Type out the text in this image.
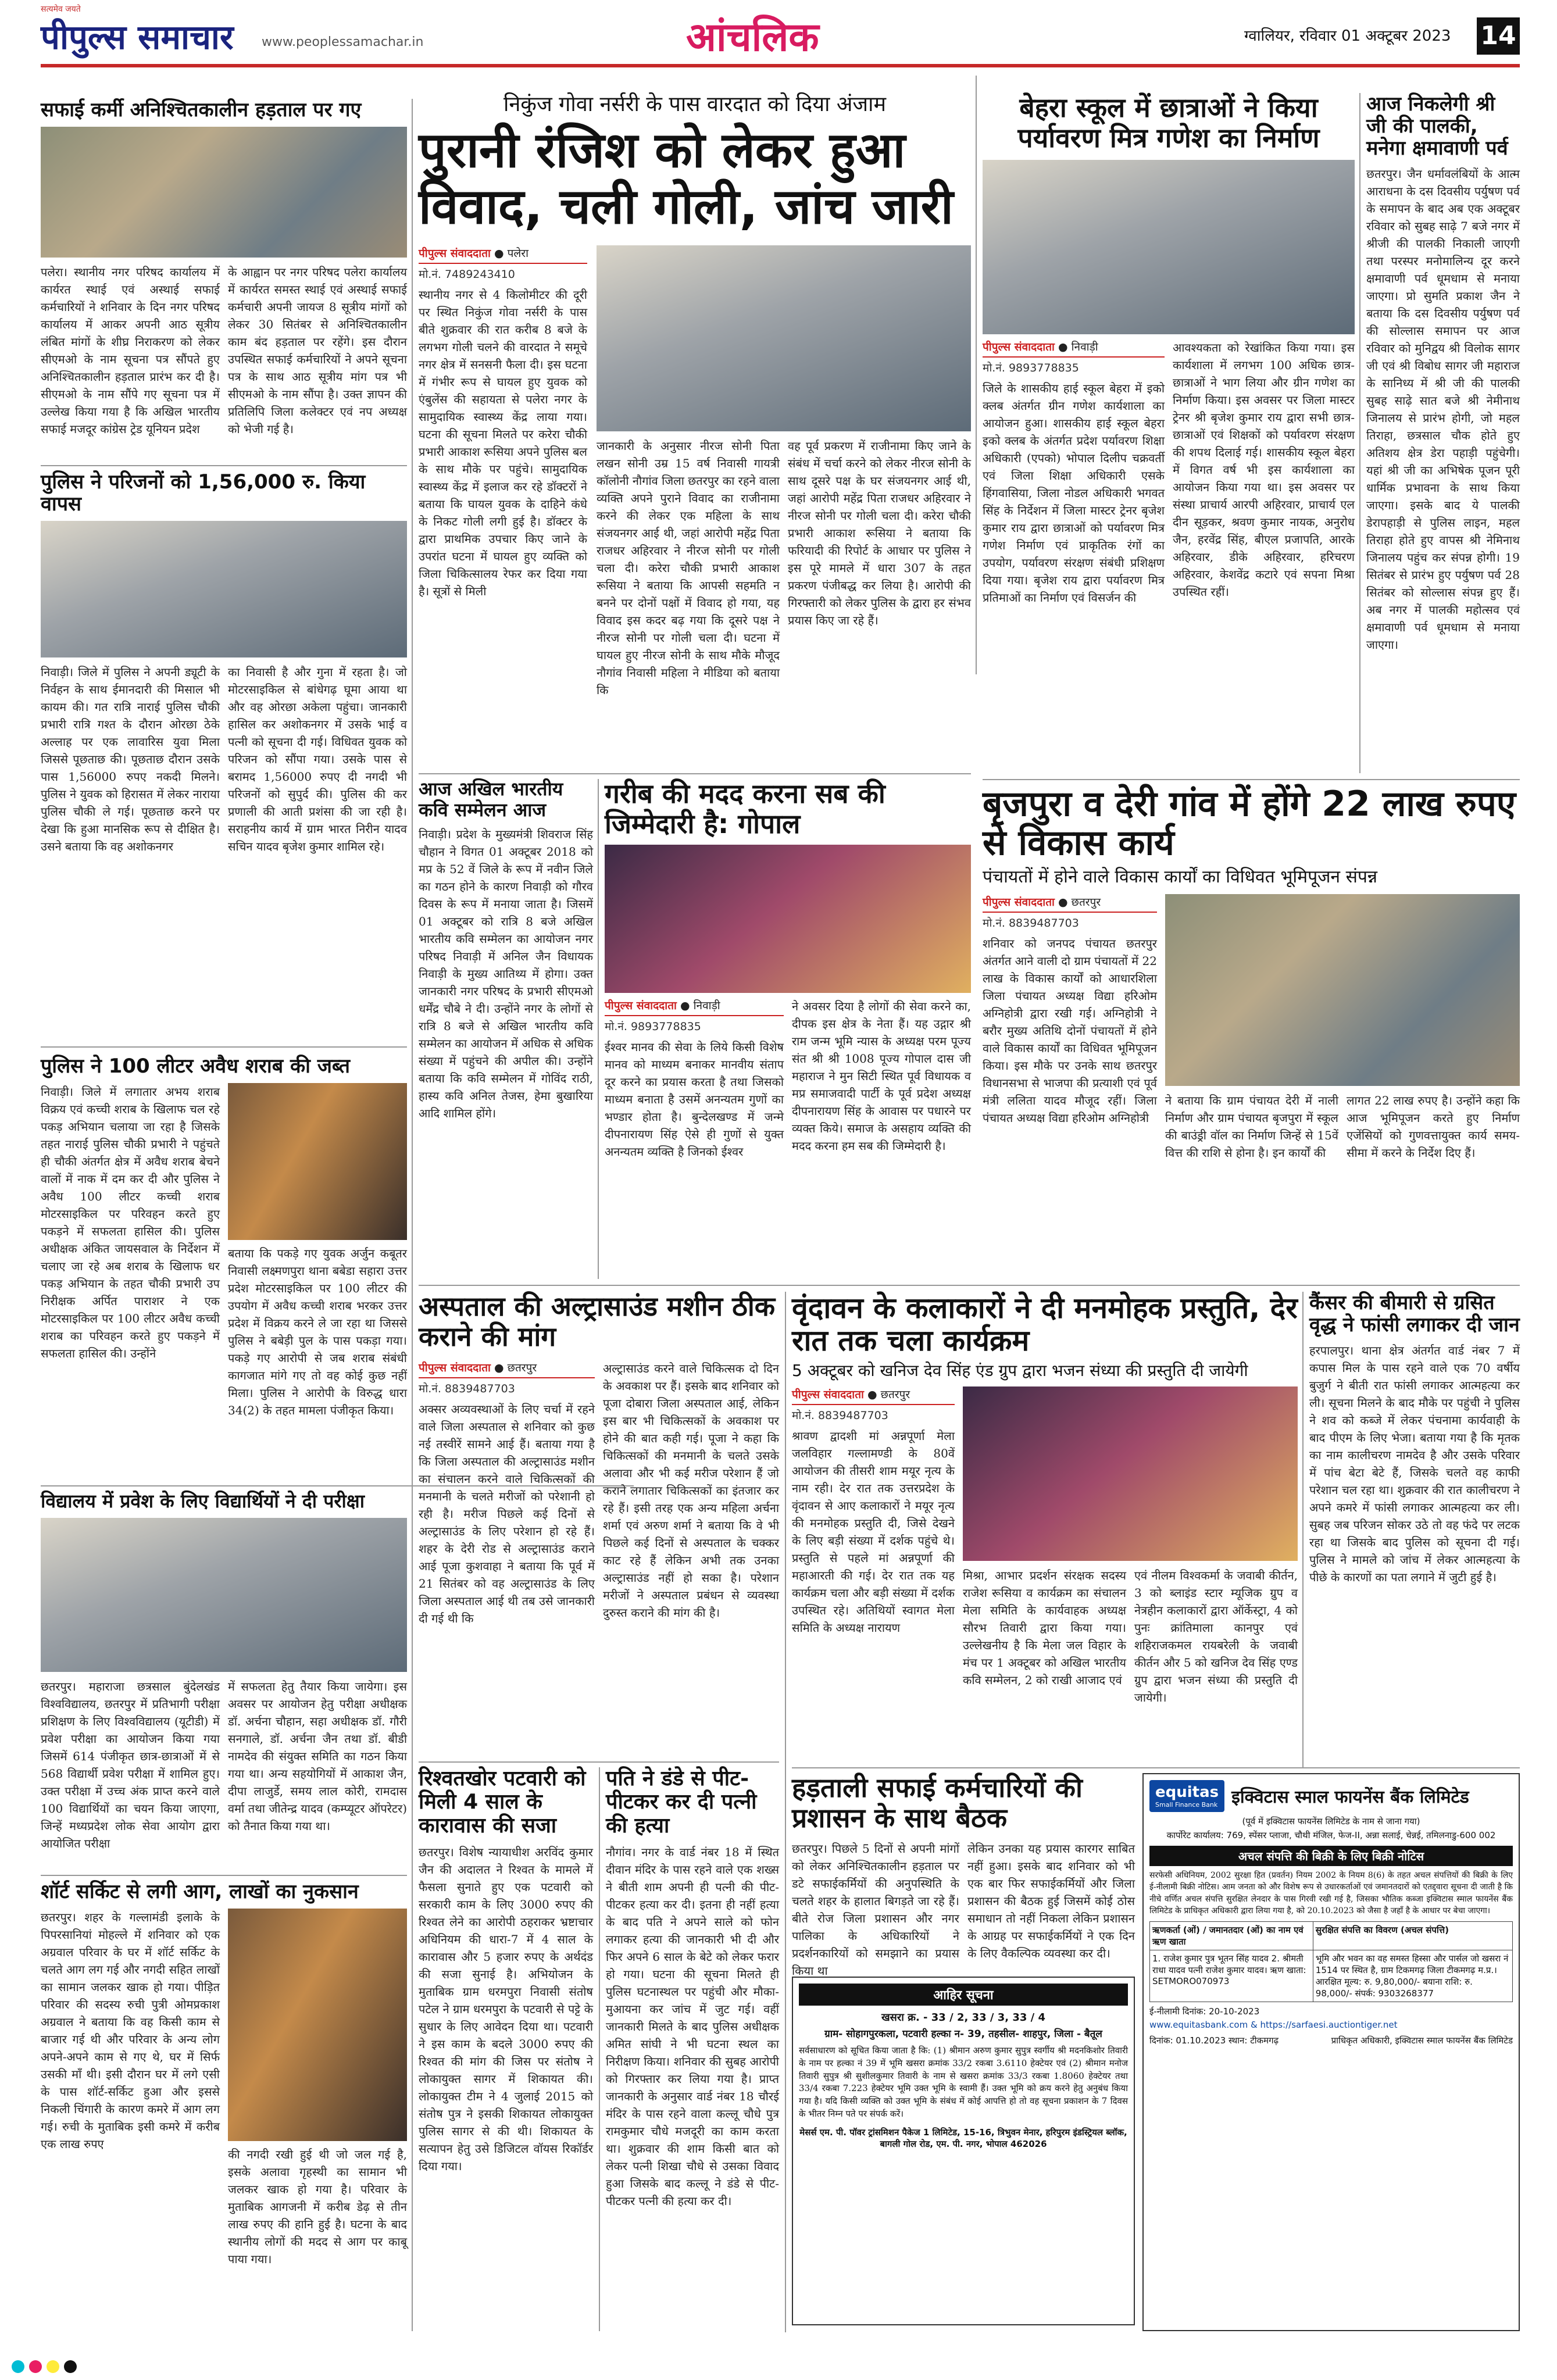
सत्यमेव जयते
पीपुल्स समाचार www.peoplessamachar.in	आंचलिक	ग्वालियर, रविवार 01 अक्टूबर 2023 14
सफाई कर्मी अनिश्चितकालीन हड़ताल पर गए
पलेरा। स्थानीय नगर परिषद कार्यालय में कार्यरत स्थाई एवं अस्थाई सफाई कर्मचारियों ने शनिवार के दिन नगर परिषद कार्यालय में आकर अपनी आठ सूत्रीय लंबित मांगों के शीघ्र निराकरण को लेकर सीएमओ के नाम सूचना पत्र सौंपते हुए अनिश्चितकालीन हड़ताल प्रारंभ कर दी है। सीएमओ के नाम सौंपे गए सूचना पत्र में उल्लेख किया गया है कि अखिल भारतीय सफाई मजदूर कांग्रेस ट्रेड यूनियन प्रदेश
के आह्वान पर नगर परिषद पलेरा कार्यालय में कार्यरत समस्त स्थाई एवं अस्थाई सफाई कर्मचारी अपनी जायज 8 सूत्रीय मांगों को लेकर 30 सितंबर से अनिश्चितकालीन काम बंद हड़ताल पर रहेंगे। इस दौरान उपस्थित सफाई कर्मचारियों ने अपने सूचना पत्र के साथ आठ सूत्रीय मांग पत्र भी सीएमओ के नाम सौंपा है। उक्त ज्ञापन की प्रतिलिपि जिला कलेक्टर एवं नप अध्यक्ष को भेजी गई है।
पुलिस ने परिजनों को 1,56,000 रु. किया वापस
निवाड़ी। जिले में पुलिस ने अपनी ड्यूटी के निर्वहन के साथ ईमानदारी की मिसाल भी कायम की। गत रात्रि नाराई पुलिस चौकी प्रभारी रात्रि गश्त के दौरान ओरछा ठेके अल्लाह पर एक लावारिस युवा मिला जिससे पूछताछ की। पूछताछ दौरान उसके पास 1,56000 रुपए नकदी मिलने। पुलिस ने युवक को हिरासत में लेकर नाराया पुलिस चौकी ले गई। पूछताछ करने पर देखा कि हुआ मानसिक रूप से दीक्षित है। उसने बताया कि वह अशोकनगर
का निवासी है और गुना में रहता है। जो मोटरसाइकिल से बांधेगढ़ घूमा आया था और वह ओरछा अकेला पहुंचा। जानकारी हासिल कर अशोकनगर में उसके भाई व पत्नी को सूचना दी गई। विधिवत युवक को परिजन को सौंपा गया। उसके पास से बरामद 1,56000 रुपए दी नगदी भी परिजनों को सुपुर्द की। पुलिस की कर प्रणाली की आती प्रशंसा की जा रही है। सराहनीय कार्य में ग्राम भारत निरीन यादव सचिन यादव बृजेश कुमार शामिल रहे।
पुलिस ने 100 लीटर अवैध शराब की जब्त
निवाड़ी। जिले में लगातार अभय शराब विक्रय एवं कच्ची शराब के खिलाफ चल रहे पकड़ अभियान चलाया जा रहा है जिसके तहत नाराई पुलिस चौकी प्रभारी ने पहुंचते ही चौकी अंतर्गत क्षेत्र में अवैध शराब बेचने वालों में नाक में दम कर दी और पुलिस ने अवैध 100 लीटर कच्ची शराब मोटरसाइकिल पर परिवहन करते हुए पकड़ने में सफलता हासिल की। पुलिस अधीक्षक अंकित जायसवाल के निर्देशन में चलाए जा रहे अब शराब के खिलाफ धर पकड़ अभियान के तहत चौकी प्रभारी उप निरीक्षक अर्पित पाराशर ने एक मोटरसाइकिल पर 100 लीटर अवैध कच्ची शराब का परिवहन करते हुए पकड़ने में सफलता हासिल की। उन्होंने
बताया कि पकड़े गए युवक अर्जुन कबूतर निवासी लक्ष्मणपुरा थाना बबेडा सहारा उत्तर प्रदेश मोटरसाइकिल पर 100 लीटर की उपयोग में अवैध कच्ची शराब भरकर उत्तर प्रदेश में विक्रय करने ले जा रहा था जिससे पुलिस ने बबेड़ी पुल के पास पकड़ा गया। पकड़े गए आरोपी से जब शराब संबंधी कागजात मांगे गए तो वह कोई कुछ नहीं मिला। पुलिस ने आरोपी के विरुद्ध धारा 34(2) के तहत मामला पंजीकृत किया।
विद्यालय में प्रवेश के लिए विद्यार्थियों ने दी परीक्षा
छतरपुर। महाराजा छत्रसाल बुंदेलखंड विश्वविद्यालय, छतरपुर में प्रतिभागी परीक्षा प्रशिक्षण के लिए विश्वविद्यालय (यूटीडी) में प्रवेश परीक्षा का आयोजन किया गया जिसमें 614 पंजीकृत छात्र-छात्राओं में से 568 विद्यार्थी प्रवेश परीक्षा में शामिल हुए। उक्त परीक्षा में उच्च अंक प्राप्त करने वाले 100 विद्यार्थियों का चयन किया जाएगा, जिन्हें मध्यप्रदेश लोक सेवा आयोग द्वारा आयोजित परीक्षा
में सफलता हेतु तैयार किया जायेगा। इस अवसर पर आयोजन हेतु परीक्षा अधीक्षक डॉ. अर्चना चौहान, सहा अधीक्षक डॉ. गौरी सनगाले, डॉ. अर्चना जैन तथा डॉ. बीडी नामदेव की संयुक्त समिति का गठन किया गया था। अन्य सहयोगियों में आकाश जैन, दीपा लाजुर्डे, समय लाल कोरी, रामदास वर्मा तथा जीतेन्द्र यादव (कम्प्यूटर ऑपरेटर) को तैनात किया गया था।
शॉर्ट सर्किट से लगी आग, लाखों का नुकसान
छतरपुर। शहर के गल्लामंडी इलाके के पिपरसानियां मोहल्ले में शनिवार को एक अग्रवाल परिवार के घर में शॉर्ट सर्किट के चलते आग लग गई और नगदी सहित लाखों का सामान जलकर खाक हो गया। पीड़ित परिवार की सदस्य रुची पुत्री ओमप्रकाश अग्रवाल ने बताया कि वह किसी काम से बाजार गई थी और परिवार के अन्य लोग अपने-अपने काम से गए थे, घर में सिर्फ उसकी माँ थी। इसी दौरान घर में लगे एसी के पास शॉर्ट-सर्किट हुआ और इससे निकली चिंगारी के कारण कमरे में आग लग गई। रुची के मुताबिक इसी कमरे में करीब एक लाख रुपए
की नगदी रखी हुई थी जो जल गई है, इसके अलावा गृहस्थी का सामान भी जलकर खाक हो गया है। परिवार के मुताबिक आगजनी में करीब डेढ़ से तीन लाख रुपए की हानि हुई है। घटना के बाद स्थानीय लोगों की मदद से आग पर काबू पाया गया।
निकुंज गोवा नर्सरी के पास वारदात को दिया अंजाम
पुरानी रंजिश को लेकर हुआ विवाद, चली गोली, जांच जारी
पीपुल्स संवाददाता ● पलेरा
मो.नं. 7489243410
स्थानीय नगर से 4 किलोमीटर की दूरी पर स्थित निकुंज गोवा नर्सरी के पास बीते शुक्रवार की रात करीब 8 बजे के लगभग गोली चलने की वारदात ने समूचे नगर क्षेत्र में सनसनी फैला दी। इस घटना में गंभीर रूप से घायल हुए युवक को एंबुलेंस की सहायता से पलेरा नगर के सामुदायिक स्वास्थ्य केंद्र लाया गया। घटना की सूचना मिलते पर करेरा चौकी प्रभारी आकाश रूसिया अपने पुलिस बल के साथ मौके पर पहुंचे। सामुदायिक स्वास्थ्य केंद्र में इलाज कर रहे डॉक्टरों ने बताया कि घायल युवक के दाहिने कंधे के निकट गोली लगी हुई है। डॉक्टर के द्वारा प्राथमिक उपचार किए जाने के उपरांत घटना में घायल हुए व्यक्ति को जिला चिकित्सालय रेफर कर दिया गया है। सूत्रों से मिली
जानकारी के अनुसार नीरज सोनी पिता लखन सोनी उम्र 15 वर्ष निवासी गायत्री कॉलोनी नौगांव जिला छतरपुर का रहने वाला व्यक्ति अपने पुराने विवाद का राजीनामा करने की लेकर एक महिला के साथ संजयनगर आई थी, जहां आरोपी महेंद्र पिता राजधर अहिरवार ने नीरज सोनी पर गोली चला दी। करेरा चौकी प्रभारी आकाश रूसिया ने बताया कि आपसी सहमति न बनने पर दोनों पक्षों में विवाद हो गया, यह विवाद इस कदर बढ़ गया कि दूसरे पक्ष ने नीरज सोनी पर गोली चला दी। घटना में घायल हुए नीरज सोनी के साथ मौके मौजूद नौगांव निवासी महिला ने मीडिया को बताया कि
वह पूर्व प्रकरण में राजीनामा किए जाने के संबंध में चर्चा करने को लेकर नीरज सोनी के साथ दूसरे पक्ष के घर संजयनगर आई थी, जहां आरोपी महेंद्र पिता राजधर अहिरवार ने नीरज सोनी पर गोली चला दी। करेरा चौकी प्रभारी आकाश रूसिया ने बताया कि फरियादी की रिपोर्ट के आधार पर पुलिस ने इस पूरे मामले में धारा 307 के तहत प्रकरण पंजीबद्ध कर लिया है। आरोपी की गिरफ्तारी को लेकर पुलिस के द्वारा हर संभव प्रयास किए जा रहे हैं।
आज अखिल भारतीय कवि सम्मेलन आज
निवाड़ी। प्रदेश के मुख्यमंत्री शिवराज सिंह चौहान ने विगत 01 अक्टूबर 2018 को मप्र के 52 वें जिले के रूप में नवीन जिले का गठन होने के कारण निवाड़ी को गौरव दिवस के रूप में मनाया जाता है। जिसमें 01 अक्टूबर को रात्रि 8 बजे अखिल भारतीय कवि सम्मेलन का आयोजन नगर परिषद निवाड़ी में अनिल जैन विधायक निवाड़ी के मुख्य आतिथ्य में होगा। उक्त जानकारी नगर परिषद के प्रभारी सीएमओ धर्मेंद्र चौबे ने दी। उन्होंने नगर के लोगों से रात्रि 8 बजे से अखिल भारतीय कवि सम्मेलन का आयोजन में अधिक से अधिक संख्या में पहुंचने की अपील की। उन्होंने बताया कि कवि सम्मेलन में गोविंद राठी, हास्य कवि अनिल तेजस, हेमा बुखारिया आदि शामिल होंगे।
गरीब की मदद करना सब की जिम्मेदारी है: गोपाल
पीपुल्स संवाददाता ● निवाड़ी
मो.नं. 9893778835
ईश्वर मानव की सेवा के लिये किसी विशेष मानव को माध्यम बनाकर मानवीय संताप दूर करने का प्रयास करता है तथा जिसको माध्यम बनाता है उसमें अनन्यतम गुणों का भण्डार होता है। बुन्देलखण्ड में जन्मे दीपनारायण सिंह ऐसे ही गुणों से युक्त अनन्यतम व्यक्ति है जिनको ईश्वर
ने अवसर दिया है लोगों की सेवा करने का, दीपक इस क्षेत्र के नेता हैं। यह उद्गार श्री राम जन्म भूमि न्यास के अध्यक्ष परम पूज्य संत श्री श्री 1008 पूज्य गोपाल दास जी महाराज ने मुन सिटी स्थित पूर्व विधायक व मप्र समाजवादी पार्टी के पूर्व प्रदेश अध्यक्ष दीपनारायण सिंह के आवास पर पधारने पर व्यक्त किये। समाज के असहाय व्यक्ति की मदद करना हम सब की जिम्मेदारी है।
अस्पताल की अल्ट्रासाउंड मशीन ठीक कराने की मांग
पीपुल्स संवाददाता ● छतरपुर
मो.नं. 8839487703
अक्सर अव्यवस्थाओं के लिए चर्चा में रहने वाले जिला अस्पताल से शनिवार को कुछ नई तस्वीरें सामने आई हैं। बताया गया है कि जिला अस्पताल की अल्ट्रासाउंड मशीन का संचालन करने वाले चिकित्सकों की मनमानी के चलते मरीजों को परेशानी हो रही है। मरीज पिछले कई दिनों से अल्ट्रासाउंड के लिए परेशान हो रहे हैं। शहर के देरी रोड से अल्ट्रासाउंड कराने आई पूजा कुशवाहा ने बताया कि पूर्व में 21 सितंबर को वह अल्ट्रासाउंड के लिए जिला अस्पताल आई थी तब उसे जानकारी दी गई थी कि
अल्ट्रासाउंड करने वाले चिकित्सक दो दिन के अवकाश पर हैं। इसके बाद शनिवार को पूजा दोबारा जिला अस्पताल आई, लेकिन इस बार भी चिकित्सकों के अवकाश पर होने की बात कही गई। पूजा ने कहा कि चिकित्सकों की मनमानी के चलते उसके अलावा और भी कई मरीज परेशान हैं जो कराने लगातार चिकित्सकों का इंतजार कर रहे हैं। इसी तरह एक अन्य महिला अर्चना शर्मा एवं अरुण शर्मा ने बताया कि वे भी पिछले कई दिनों से अस्पताल के चक्कर काट रहे हैं लेकिन अभी तक उनका अल्ट्रासाउंड नहीं हो सका है। परेशान मरीजों ने अस्पताल प्रबंधन से व्यवस्था दुरुस्त कराने की मांग की है।
रिश्वतखोर पटवारी को मिली 4 साल के कारावास की सजा
छतरपुर। विशेष न्यायाधीश अरविंद कुमार जैन की अदालत ने रिश्वत के मामले में फैसला सुनाते हुए एक पटवारी को सरकारी काम के लिए 3000 रुपए की रिश्वत लेने का आरोपी ठहराकर भ्रष्टाचार अधिनियम की धारा-7 में 4 साल के कारावास और 5 हजार रुपए के अर्थदंड की सजा सुनाई है। अभियोजन के मुताबिक ग्राम धरमपुरा निवासी संतोष पटेल ने ग्राम धरमपुरा के पटवारी से पट्टे के सुधार के लिए आवेदन दिया था। पटवारी ने इस काम के बदले 3000 रुपए की रिश्वत की मांग की जिस पर संतोष ने लोकायुक्त सागर में शिकायत की। लोकायुक्त टीम ने 4 जुलाई 2015 को संतोष पुत्र ने इसकी शिकायत लोकायुक्त पुलिस सागर से की थी। शिकायत के सत्यापन हेतु उसे डिजिटल वॉयस रिकॉर्डर दिया गया।
पति ने डंडे से पीट-पीटकर कर दी पत्नी की हत्या
नौगांव। नगर के वार्ड नंबर 18 में स्थित दीवान मंदिर के पास रहने वाले एक शख्स ने बीती शाम अपनी ही पत्नी की पीट-पीटकर हत्या कर दी। इतना ही नहीं हत्या के बाद पति ने अपने साले को फोन लगाकर हत्या की जानकारी भी दी और फिर अपने 6 साल के बेटे को लेकर फरार हो गया। घटना की सूचना मिलते ही पुलिस घटनास्थल पर पहुंची और मौका-मुआयना कर जांच में जुट गई। वहीं जानकारी मिलते के बाद पुलिस अधीक्षक अमित सांघी ने भी घटना स्थल का निरीक्षण किया। शनिवार की सुबह आरोपी को गिरफ्तार कर लिया गया है। प्राप्त जानकारी के अनुसार वार्ड नंबर 18 चौरई मंदिर के पास रहने वाला कल्लू चौधे पुत्र रामकुमार चौधे मजदूरी का काम करता था। शुक्रवार की शाम किसी बात को लेकर पत्नी शिखा चौधे से उसका विवाद हुआ जिसके बाद कल्लू ने डंडे से पीट-पीटकर पत्नी की हत्या कर दी।
बेहरा स्कूल में छात्राओं ने किया पर्यावरण मित्र गणेश का निर्माण
पीपुल्स संवाददाता ● निवाड़ी
मो.नं. 9893778835
जिले के शासकीय हाई स्कूल बेहरा में इको क्लब अंतर्गत ग्रीन गणेश कार्यशाला का आयोजन हुआ। शासकीय हाई स्कूल बेहरा इको क्लब के अंतर्गत प्रदेश पर्यावरण शिक्षा अधिकारी (एपको) भोपाल दिलीप चक्रवर्ती एवं जिला शिक्षा अधिकारी एसके हिंगवासिया, जिला नोडल अधिकारी भगवत सिंह के निर्देशन में जिला मास्टर ट्रेनर बृजेश कुमार राय द्वारा छात्राओं को पर्यावरण मित्र गणेश निर्माण एवं प्राकृतिक रंगों का उपयोग, पर्यावरण संरक्षण संबंधी प्रशिक्षण दिया गया। बृजेश राय द्वारा पर्यावरण मित्र प्रतिमाओं का निर्माण एवं विसर्जन की
आवश्यकता को रेखांकित किया गया। इस कार्यशाला में लगभग 100 अधिक छात्र-छात्राओं ने भाग लिया और ग्रीन गणेश का निर्माण किया। इस अवसर पर जिला मास्टर ट्रेनर श्री बृजेश कुमार राय द्वारा सभी छात्र-छात्राओं एवं शिक्षकों को पर्यावरण संरक्षण की शपथ दिलाई गई। शासकीय स्कूल बेहरा में विगत वर्ष भी इस कार्यशाला का आयोजन किया गया था। इस अवसर पर संस्था प्राचार्य आरपी अहिरवार, प्राचार्य एल दीन सूड़कर, श्रवण कुमार नायक, अनुरोध जैन, हरवेंद्र सिंह, बीएल प्रजापति, आरके अहिरवार, डीके अहिरवार, हरिचरण अहिरवार, केशवेंद्र कटारे एवं सपना मिश्रा उपस्थित रहीं।
आज निकलेगी श्री जी की पालकी, मनेगा क्षमावाणी पर्व
छतरपुर। जैन धर्मावलंबियों के आत्म आराधना के दस दिवसीय पर्युषण पर्व के समापन के बाद अब एक अक्टूबर रविवार को सुबह साढ़े 7 बजे नगर में श्रीजी की पालकी निकाली जाएगी तथा परस्पर मनोमालिन्य दूर करने क्षमावाणी पर्व धूमधाम से मनाया जाएगा। प्रो सुमति प्रकाश जैन ने बताया कि दस दिवसीय पर्युषण पर्व की सोल्लास समापन पर आज रविवार को मुनिद्वय श्री विलोक सागर जी एवं श्री विबोध सागर जी महाराज के सानिध्य में श्री जी की पालकी सुबह साढ़े सात बजे श्री नेमीनाथ जिनालय से प्रारंभ होगी, जो महल तिराहा, छत्रसाल चौक होते हुए अतिशय क्षेत्र डेरा पहाड़ी पहुंचेगी। यहां श्री जी का अभिषेक पूजन पूरी धार्मिक प्रभावना के साथ किया जाएगा। इसके बाद ये पालकी डेरापहाड़ी से पुलिस लाइन, महल तिराहा होते हुए वापस श्री नेमिनाथ जिनालय पहुंच कर संपन्न होगी। 19 सितंबर से प्रारंभ हुए पर्युषण पर्व 28 सितंबर को सोल्लास संपन्न हुए हैं। अब नगर में पालकी महोत्सव एवं क्षमावाणी पर्व धूमधाम से मनाया जाएगा।
बृजपुरा व देरी गांव में होंगे 22 लाख रुपए से विकास कार्य
पंचायतों में होने वाले विकास कार्यों का विधिवत भूमिपूजन संपन्न
पीपुल्स संवाददाता ● छतरपुर
मो.नं. 8839487703
शनिवार को जनपद पंचायत छतरपुर अंतर्गत आने वाली दो ग्राम पंचायतों में 22 लाख के विकास कार्यों को आधारशिला जिला पंचायत अध्यक्ष विद्या हरिओम अग्निहोत्री द्वारा रखी गई। अग्निहोत्री ने बरौर मुख्य अतिथि दोनों पंचायतों में होने वाले विकास कार्यों का विधिवत भूमिपूजन किया। इस मौके पर उनके साथ छतरपुर विधानसभा से भाजपा की प्रत्याशी एवं पूर्व मंत्री ललिता यादव मौजूद रहीं। जिला पंचायत अध्यक्ष विद्या हरिओम अग्निहोत्री
ने बताया कि ग्राम पंचायत देरी में नाली निर्माण और ग्राम पंचायत बृजपुरा में स्कूल की बाउंड्री वॉल का निर्माण जिन्हें से 15वें वित्त की राशि से होना है। इन कार्यों की
लागत 22 लाख रुपए है। उन्होंने कहा कि आज भूमिपूजन करते हुए निर्माण एजेंसियों को गुणवत्तायुक्त कार्य समय-सीमा में करने के निर्देश दिए हैं।
वृंदावन के कलाकारों ने दी मनमोहक प्रस्तुति, देर रात तक चला कार्यक्रम
5 अक्टूबर को खनिज देव सिंह एंड ग्रुप द्वारा भजन संध्या की प्रस्तुति दी जायेगी
पीपुल्स संवाददाता ● छतरपुर
मो.नं. 8839487703
श्रावण द्वादशी मां अन्नपूर्णा मेला जलविहार गल्लामण्डी के 80वें आयोजन की तीसरी शाम मयूर नृत्य के नाम रही। देर रात तक उत्तरप्रदेश के वृंदावन से आए कलाकारों ने मयूर नृत्य की मनमोहक प्रस्तुति दी, जिसे देखने के लिए बड़ी संख्या में दर्शक पहुंचे थे। प्रस्तुति से पहले मां अन्नपूर्णा की महाआरती की गई। देर रात तक यह कार्यक्रम चला और बड़ी संख्या में दर्शक उपस्थित रहे। अतिथियों स्वागत मेला समिति के अध्यक्ष नारायण
मिश्रा, आभार प्रदर्शन संरक्षक सदस्य राजेश रूसिया व कार्यक्रम का संचालन मेला समिति के कार्यवाहक अध्यक्ष सौरभ तिवारी द्वारा किया गया। उल्लेखनीय है कि मेला जल विहार के मंच पर 1 अक्टूबर को अखिल भारतीय कवि सम्मेलन, 2 को राखी आजाद एवं
एवं नीलम विश्वकर्मा के जवाबी कीर्तन, 3 को ब्लाइंड स्टार म्यूजिक ग्रुप व नेत्रहीन कलाकारों द्वारा ऑर्केस्ट्रा, 4 को पुनः क्रांतिमाला कानपुर एवं शहिराजकमल रायबरेली के जवाबी कीर्तन और 5 को खनिज देव सिंह एण्ड ग्रुप द्वारा भजन संध्या की प्रस्तुति दी जायेगी।
कैंसर की बीमारी से ग्रसित वृद्ध ने फांसी लगाकर दी जान
हरपालपुर। थाना क्षेत्र अंतर्गत वार्ड नंबर 7 में कपास मिल के पास रहने वाले एक 70 वर्षीय बुजुर्ग ने बीती रात फांसी लगाकर आत्महत्या कर ली। सूचना मिलने के बाद मौके पर पहुंची ने पुलिस ने शव को कब्जे में लेकर पंचनामा कार्यवाही के बाद पीएम के लिए भेजा। बताया गया है कि मृतक का नाम कालीचरण नामदेव है और उसके परिवार में पांच बेटा बेटे हैं, जिसके चलते वह काफी परेशान चल रहा था। शुक्रवार की रात कालीचरण ने अपने कमरे में फांसी लगाकर आत्महत्या कर ली। सुबह जब परिजन सोकर उठे तो वह फंदे पर लटक रहा था जिसके बाद पुलिस को सूचना दी गई। पुलिस ने मामले को जांच में लेकर आत्महत्या के पीछे के कारणों का पता लगाने में जुटी हुई है।
हड़ताली सफाई कर्मचारियों की प्रशासन के साथ बैठक
छतरपुर। पिछले 5 दिनों से अपनी मांगों को लेकर अनिश्चितकालीन हड़ताल पर डटे सफाईकर्मियों की अनुपस्थिति के चलते शहर के हालात बिगड़ते जा रहे हैं। बीते रोज जिला प्रशासन और नगर पालिका के अधिकारियों ने प्रदर्शनकारियों को समझाने का प्रयास किया था
लेकिन उनका यह प्रयास कारगर साबित नहीं हुआ। इसके बाद शनिवार को भी एक बार फिर सफाईकर्मियों और जिला प्रशासन की बैठक हुई जिसमें कोई ठोस समाधान तो नहीं निकला लेकिन प्रशासन के आग्रह पर सफाईकर्मियों ने एक दिन के लिए वैकल्पिक व्यवस्था कर दी।
आहिर सूचना
खसरा क्र. - 33 / 2, 33 / 3, 33 / 4
ग्राम- सोहागपुरकला, पटवारी हल्का न- 39, तहसील- शाहपुर, जिला - बैतूल
सर्वसाधारण को सूचित किया जाता है कि: (1) श्रीमान अरुण कुमार सुपुत्र स्वर्गीय श्री मदनकिशोर तिवारी के नाम पर हल्का नं 39 में भूमि खसरा क्रमांक 33/2 रकबा 3.6110 हेक्टेयर एवं (2) श्रीमान मनोज तिवारी सुपुत्र श्री सुशीलकुमार तिवारी के नाम से खसरा क्रमांक 33/3 रकबा 1.8060 हेक्टेयर तथा 33/4 रकबा 7.223 हेक्टेयर भूमि उक्त भूमि के स्वामी हैं। उक्त भूमि को क्रय करने हेतु अनुबंध किया गया है। यदि किसी व्यक्ति को उक्त भूमि के संबंध में कोई आपत्ति हो तो वह सूचना प्रकाशन के 7 दिवस के भीतर निम्न पते पर संपर्क करें।
मेसर्स एम. पी. पॉवर ट्रांसमिशन पैकेज 1 लिमिटेड, 15-16, त्रिभुवन मेनार, हरिपुरम इंडस्ट्रियल ब्लॉक, बागली गोल रोड, एम. पी. नगर, भोपाल 462026
equitas
Small Finance Bank इक्विटास स्माल फायनेंस बैंक लिमिटेड
(पूर्व में इक्विटास फायनेंस लिमिटेड के नाम से जाना गया)
कार्पोरेट कार्यालय: 769, स्पेंसर प्लाजा, चौथी मंजिल, फेज-II, अन्ना सलाई, चेन्नई, तमिलनाडु-600 002
अचल संपत्ति की बिक्री के लिए बिक्री नोटिस
सरफेसी अधिनियम, 2002 सुरक्षा हित (प्रवर्तन) नियम 2002 के नियम 8(6) के तहत अचल संपत्तियों की बिक्री के लिए ई-नीलामी बिक्री नोटिस। आम जनता को और विशेष रूप से उधारकर्ताओं एवं जमानतदारों को एतद्द्वारा सूचना दी जाती है कि नीचे वर्णित अचल संपत्ति सुरक्षित लेनदार के पास गिरवी रखी गई है, जिसका भौतिक कब्जा इक्विटास स्माल फायनेंस बैंक लिमिटेड के प्राधिकृत अधिकारी द्वारा लिया गया है, को 20.10.2023 को जैसा है जहाँ है के आधार पर बेचा जाएगा।
ऋणकर्ता (ओं) / जमानतदार (ओं) का नाम एवं ऋण खाता	सुरक्षित संपत्ति का विवरण (अचल संपत्ति)
1. राजेश कुमार पुत्र भूतन सिंह यादव 2. श्रीमती राधा यादव पत्नी राजेश कुमार यादव। ऋण खाता: SETMORO070973	भूमि और भवन का वह समस्त हिस्सा और पार्सल जो खसरा नं 1514 पर स्थित है, ग्राम टिकमगढ़ जिला टीकमगढ़ म.प्र.। आरक्षित मूल्य: रु. 9,80,000/- बयाना राशि: रु. 98,000/- संपर्क: 9303268377
ई-नीलामी दिनांक: 20-10-2023
www.equitasbank.com & https://sarfaesi.auctiontiger.net
दिनांक: 01.10.2023 स्थान: टीकमगढ़	प्राधिकृत अधिकारी, इक्विटास स्माल फायनेंस बैंक लिमिटेड
